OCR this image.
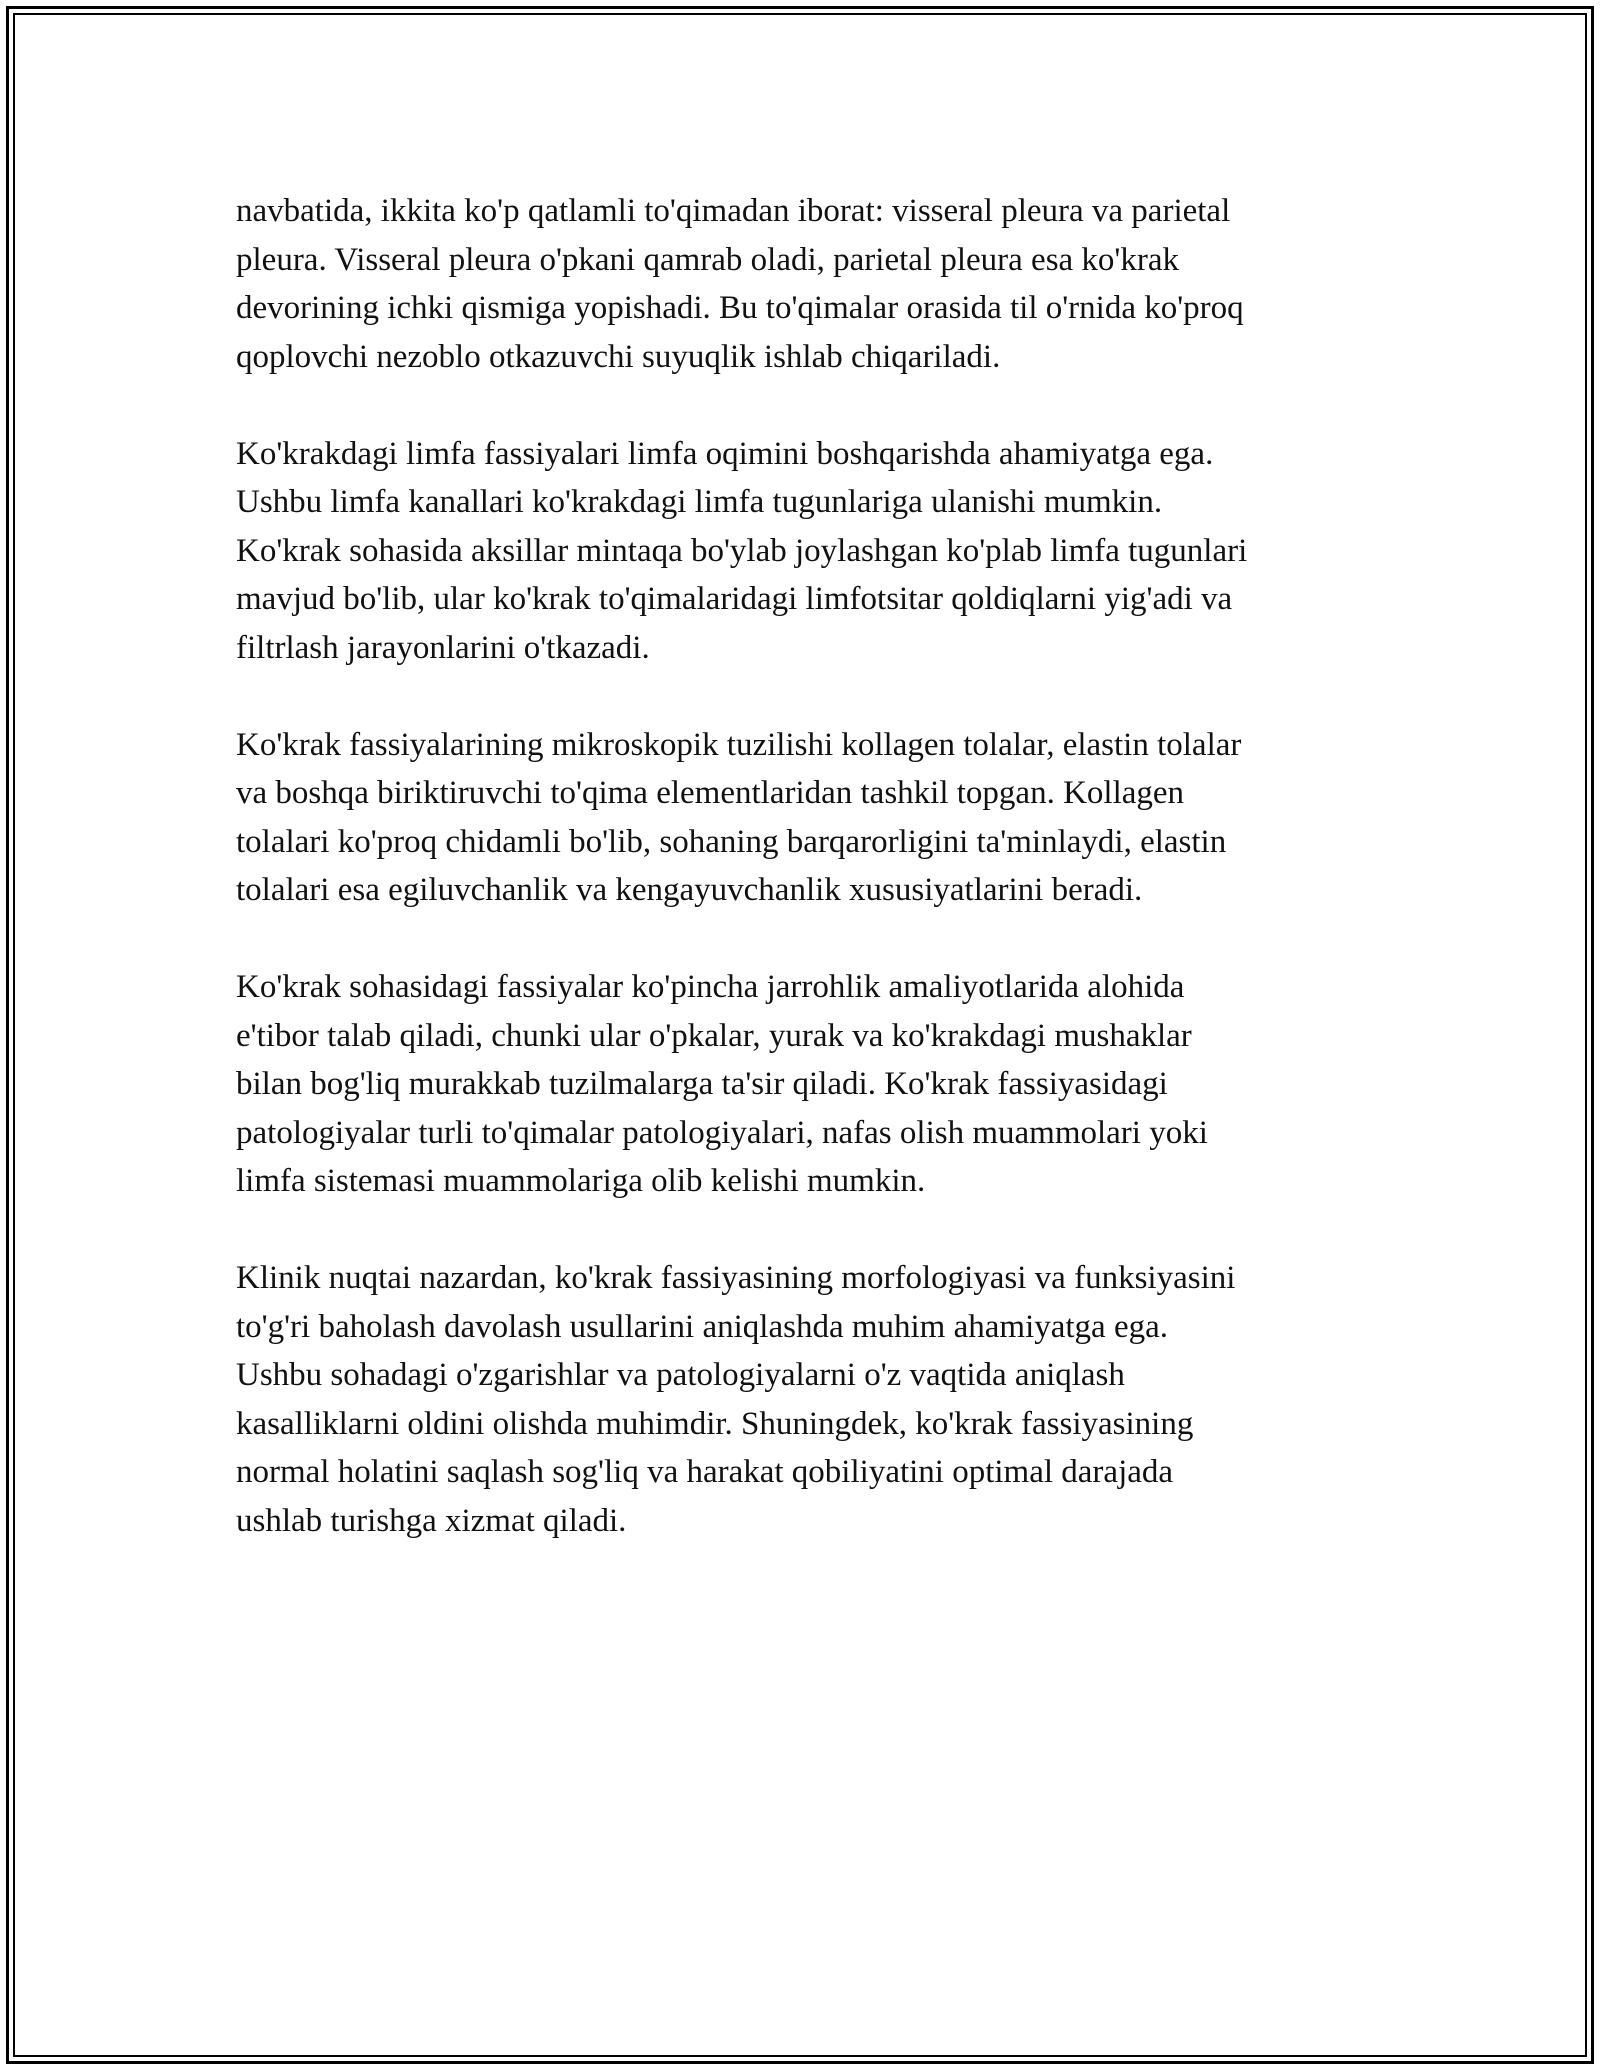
navbatida, ikkita ko'p qatlamli to'qimadan iborat: visseral pleura va parietal
pleura. Visseral pleura o'pkani qamrab oladi, parietal pleura esa ko'krak
devorining ichki qismiga yopishadi. Bu to'qimalar orasida til o'rnida ko'proq
qoplovchi nezoblo otkazuvchi suyuqlik ishlab chiqariladi.

Ko'krakdagi limfa fassiyalari limfa oqimini boshqarishda ahamiyatga ega.
Ushbu limfa kanallari ko'krakdagi limfa tugunlariga ulanishi mumkin.
Ko'krak sohasida aksillar mintaqa bo'ylab joylashgan ko'plab limfa tugunlari
mavjud bo'lib, ular ko'krak to'qimalaridagi limfotsitar qoldiqlarni yig'adi va
filtrlash jarayonlarini o'tkazadi.

Ko'krak fassiyalarining mikroskopik tuzilishi kollagen tolalar, elastin tolalar
va boshqa biriktiruvchi to'qima elementlaridan tashkil topgan. Kollagen
tolalari ko'proq chidamli bo'lib, sohaning barqarorligini ta'minlaydi, elastin
tolalari esa egiluvchanlik va kengayuvchanlik xususiyatlarini beradi.

Ko'krak sohasidagi fassiyalar ko'pincha jarrohlik amaliyotlarida alohida
e'tibor talab qiladi, chunki ular o'pkalar, yurak va ko'krakdagi mushaklar
bilan bog'liq murakkab tuzilmalarga ta'sir qiladi. Ko'krak fassiyasidagi
patologiyalar turli to'qimalar patologiyalari, nafas olish muammolari yoki
limfa sistemasi muammolariga olib kelishi mumkin.

Klinik nuqtai nazardan, ko'krak fassiyasining morfologiyasi va funksiyasini
to'g'ri baholash davolash usullarini aniqlashda muhim ahamiyatga ega.
Ushbu sohadagi o'zgarishlar va patologiyalarni o'z vaqtida aniqlash
kasalliklarni oldini olishda muhimdir. Shuningdek, ko'krak fassiyasining
normal holatini saqlash sog'liq va harakat qobiliyatini optimal darajada
ushlab turishga xizmat qiladi.
